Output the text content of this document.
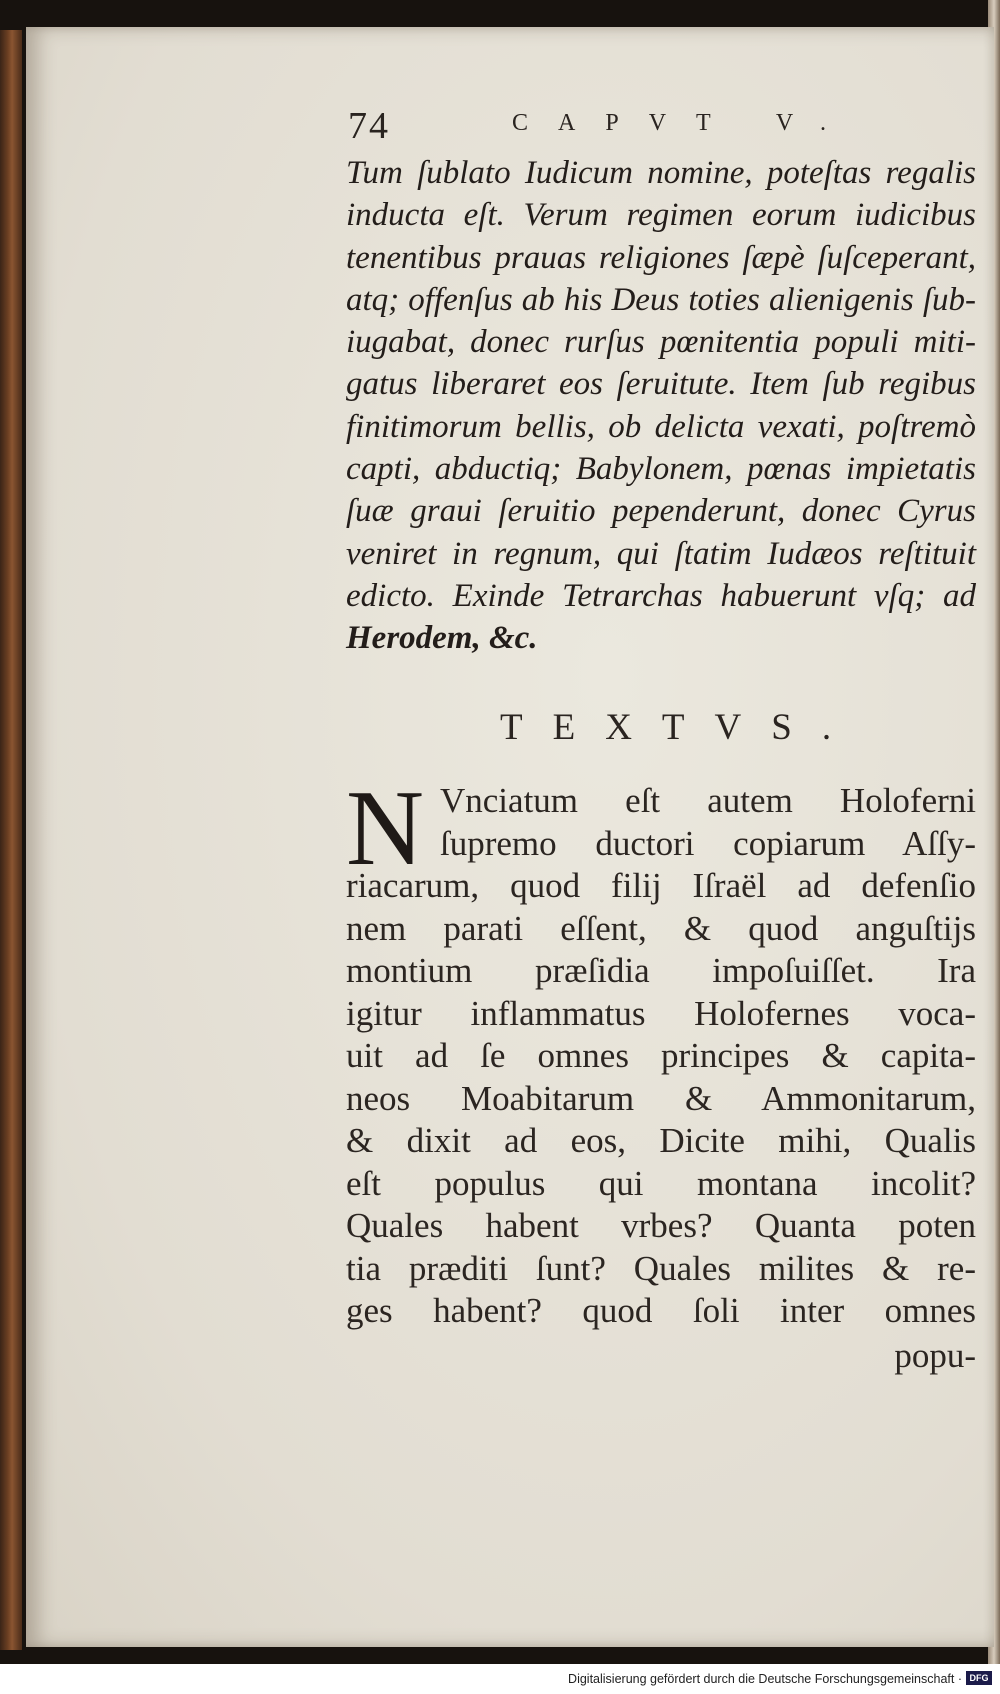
74	CAPVT V.
Tum ſublato Iudicum nomine, poteſtas regalis
inducta eſt. Verum regimen eorum iudicibus
tenentibus prauas religiones ſæpè ſuſceperant,
atq; offenſus ab his Deus toties alienigenis ſub-
iugabat, donec rurſus pœnitentia populi miti-
gatus liberaret eos ſeruitute. Item ſub regibus
finitimorum bellis, ob delicta vexati, poſtremò
capti, abductiq; Babylonem, pœnas impietatis
ſuæ graui ſeruitio pependerunt, donec Cyrus
veniret in regnum, qui ſtatim Iudæos reſtituit
edicto. Exinde Tetrarchas habuerunt vſq; ad
Herodem, &c.
TEXTVS.
N Vnciatum eſt autem Holoferni
ſupremo ductori copiarum Aſſy-
riacarum, quod filij Iſraël ad defenſio
nem parati eſſent, & quod anguſtijs
montium præſidia impoſuiſſet. Ira
igitur inflammatus Holofernes voca-
uit ad ſe omnes principes & capita-
neos Moabitarum & Ammonitarum,
& dixit ad eos, Dicite mihi, Qualis
eſt populus qui montana incolit?
Quales habent vrbes? Quanta poten
tia præditi ſunt? Quales milites & re-
ges habent? quod ſoli inter omnes
popu-
Digitalisierung gefördert durch die Deutsche Forschungsgemeinschaft · DFG
